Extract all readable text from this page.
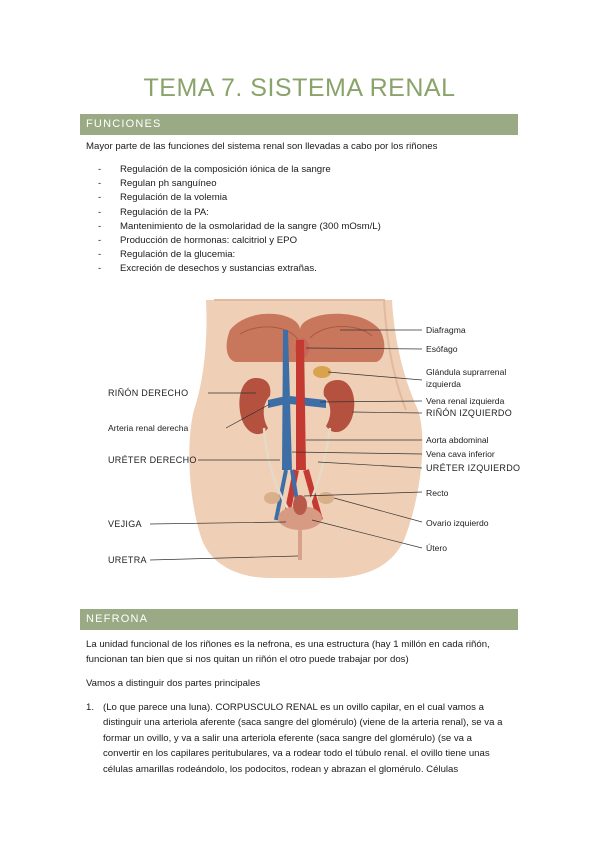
TEMA 7. SISTEMA RENAL
FUNCIONES
Mayor parte de las funciones del sistema renal son llevadas a cabo por los riñones
- Regulación de la composición iónica de la sangre
- Regulan ph sanguíneo
- Regulación de la volemia
- Regulación de la PA:
- Mantenimiento de la osmolaridad de la sangre (300 mOsm/L)
- Producción de hormonas: calcitriol y EPO
- Regulación de la glucemia:
- Excreción de desechos y sustancias extrañas.
RIÑÓN DERECHO
Arteria renal derecha
URÉTER DERECHO
VEJIGA
URETRA
Diafragma
Esófago
Glándula suprarrenal
izquierda
Vena renal izquierda
RIÑÓN IZQUIERDO
Aorta abdominal
Vena cava inferior
URÉTER IZQUIERDO
Recto
Ovario izquierdo
Útero
NEFRONA
La unidad funcional de los riñones es la nefrona, es una estructura (hay 1 millón en cada riñón,
funcionan tan bien que si nos quitan un riñón el otro puede trabajar por dos)
Vamos a distinguir dos partes principales
1. (Lo que parece una luna). CORPUSCULO RENAL es un ovillo capilar, en el cual vamos a
distinguir una arteriola aferente (saca sangre del glomérulo) (viene de la arteria renal), se va a
formar un ovillo, y va a salir una arteriola eferente (saca sangre del glomérulo) (se va a
convertir en los capilares peritubulares, va a rodear todo el túbulo renal. el ovillo tiene unas
células amarillas rodeándolo, los podocitos, rodean y abrazan el glomérulo. Células
